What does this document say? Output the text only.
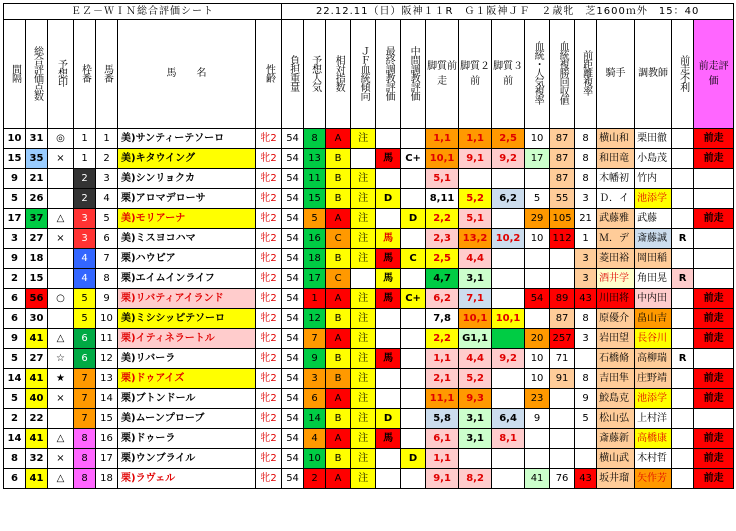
ＥＺ－ＷＩＮ総合評価シート							22.12.11（日）阪神１１R　Ｇ１阪神ＪＦ　２歳牝　芝1600ｍ外　15：40															
間隔	総合評価点数	予想印	枠番	馬番	馬　　名	性齢	負担重量	予想人気	相対指数	ＪＦ血統傾向	最終調教評価	中間調教評価	脚質前走	脚質２前	脚質３前	血統・人気複率	血統複勝回収値	前距離複率	騎手	調教師	前走不利	前走評価
10	31	◎	1	1	美)サンティーテソーロ	牝2	54	8	A	注			1,1	1,1	2,5	10	87	8	横山和	栗田徹		前走
15	35	×	1	2	美)キタウイング	牝2	54	13	B		馬	C+	10,1	9,1	9,2	17	87	8	和田竜	小島茂		前走
9	21		2	3	美)シンリョクカ	牝2	54	11	B	注			5,1				87	8	木幡初	竹内		
5	26		2	4	栗)アロマデローサ	牝2	54	15	B	注	D		8,11	5,2	6,2	5	55	3	Ｄ．イ	池添学		
17	37	△	3	5	美)モリアーナ	牝2	54	5	A	注		D	2,2	5,1		29	105	21	武藤雅	武藤		前走
3	27	×	3	6	美)ミスヨコハマ	牝2	54	16	C	注	馬		2,3	13,2	10,2	10	112	1	Ｍ．デ	斎藤誠	R	
9	18		4	7	栗)ハウピア	牝2	54	18	B	注	馬	C	2,5	4,4				3	菱田裕	岡田稲		
2	15		4	8	栗)エイムインライフ	牝2	54	17	C		馬		4,7	3,1				3	酒井学	角田晃	R	
6	56	○	5	9	栗)リバティアイランド	牝2	54	1	A	注	馬	C+	6,2	7,1		54	89	43	川田将	中内田		前走
6	30		5	10	美)ミシシッピテソーロ	牝2	54	12	B	注			7,8	10,1	10,1		87	8	原優介	畠山吉		前走
9	41	△	6	11	栗)イティネラートル	牝2	54	7	A	注			2,2	G1,1		20	257	3	岩田望	長谷川		前走
5	27	☆	6	12	美)リバーラ	牝2	54	9	B	注	馬		1,1	4,4	9,2	10	71		石橋脩	高柳瑞	R	
14	41	★	7	13	栗)ドゥアイズ	牝2	54	3	B	注			2,1	5,2		10	91	8	吉田隼	庄野靖		前走
5	40	×	7	14	栗)ブトンドール	牝2	54	6	A	注			11,1	9,3		23		9	鮫島克	池添学		前走
2	22		7	15	美)ムーンプローブ	牝2	54	14	B	注	D		5,8	3,1	6,4	9		5	松山弘	上村洋		
14	41	△	8	16	栗)ドゥーラ	牝2	54	4	A	注	馬		6,1	3,1	8,1				斎藤新	高橋康		前走
8	32	×	8	17	栗)ウンブライル	牝2	54	10	B	注		D	1,1						横山武	木村哲		前走
6	41	△	8	18	栗)ラヴェル	牝2	54	2	A	注			9,1	8,2		41	76	43	坂井瑠	矢作芳		前走
